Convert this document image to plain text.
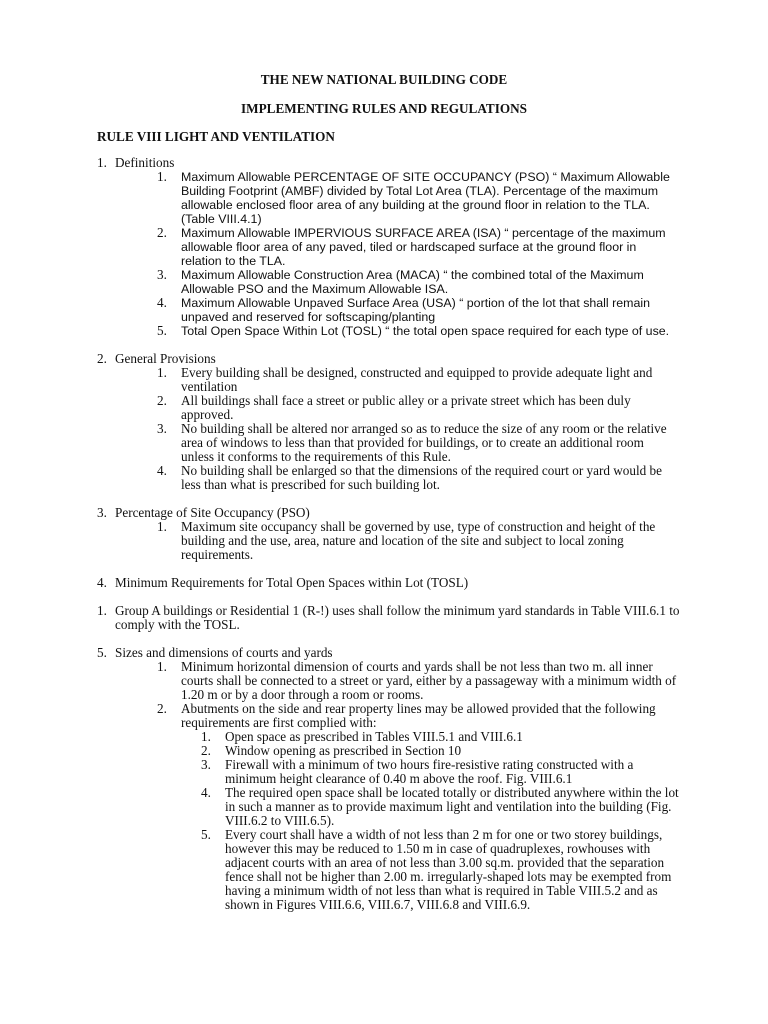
THE NEW NATIONAL BUILDING CODE
IMPLEMENTING RULES AND REGULATIONS
RULE VIII LIGHT AND VENTILATION
1. Definitions
1. Maximum Allowable PERCENTAGE OF SITE OCCUPANCY (PSO) “ Maximum Allowable Building Footprint (AMBF) divided by Total Lot Area (TLA). Percentage of the maximum allowable enclosed floor area of any building at the ground floor in relation to the TLA. (Table VIII.4.1)
2. Maximum Allowable IMPERVIOUS SURFACE AREA (ISA) “ percentage of the maximum allowable floor area of any paved, tiled or hardscaped surface at the ground floor in relation to the TLA.
3. Maximum Allowable Construction Area (MACA) “ the combined total of the Maximum Allowable PSO and the Maximum Allowable ISA.
4. Maximum Allowable Unpaved Surface Area (USA) “ portion of the lot that shall remain unpaved and reserved for softscaping/planting
5. Total Open Space Within Lot (TOSL) “ the total open space required for each type of use.
2. General Provisions
1. Every building shall be designed, constructed and equipped to provide adequate light and ventilation
2. All buildings shall face a street or public alley or a private street which has been duly approved.
3. No building shall be altered nor arranged so as to reduce the size of any room or the relative area of windows to less than that provided for buildings, or to create an additional room unless it conforms to the requirements of this Rule.
4. No building shall be enlarged so that the dimensions of the required court or yard would be less than what is prescribed for such building lot.
3. Percentage of Site Occupancy (PSO)
1. Maximum site occupancy shall be governed by use, type of construction and height of the building and the use, area, nature and location of the site and subject to local zoning requirements.
4. Minimum Requirements for Total Open Spaces within Lot (TOSL)
1. Group A buildings or Residential 1 (R-!) uses shall follow the minimum yard standards in Table VIII.6.1 to comply with the TOSL.
5. Sizes and dimensions of courts and yards
1. Minimum horizontal dimension of courts and yards shall be not less than two m. all inner courts shall be connected to a street or yard, either by a passageway with a minimum width of 1.20 m or by a door through a room or rooms.
2. Abutments on the side and rear property lines may be allowed provided that the following requirements are first complied with:
1. Open space as prescribed in Tables VIII.5.1 and VIII.6.1
2. Window opening as prescribed in Section 10
3. Firewall with a minimum of two hours fire-resistive rating constructed with a minimum height clearance of 0.40 m above the roof. Fig. VIII.6.1
4. The required open space shall be located totally or distributed anywhere within the lot in such a manner as to provide maximum light and ventilation into the building (Fig. VIII.6.2 to VIII.6.5).
5. Every court shall have a width of not less than 2 m for one or two storey buildings, however this may be reduced to 1.50 m in case of quadruplexes, rowhouses with adjacent courts with an area of not less than 3.00 sq.m. provided that the separation fence shall not be higher than 2.00 m. irregularly-shaped lots may be exempted from having a minimum width of not less than what is required in Table VIII.5.2 and as shown in Figures VIII.6.6, VIII.6.7, VIII.6.8 and VIII.6.9.
